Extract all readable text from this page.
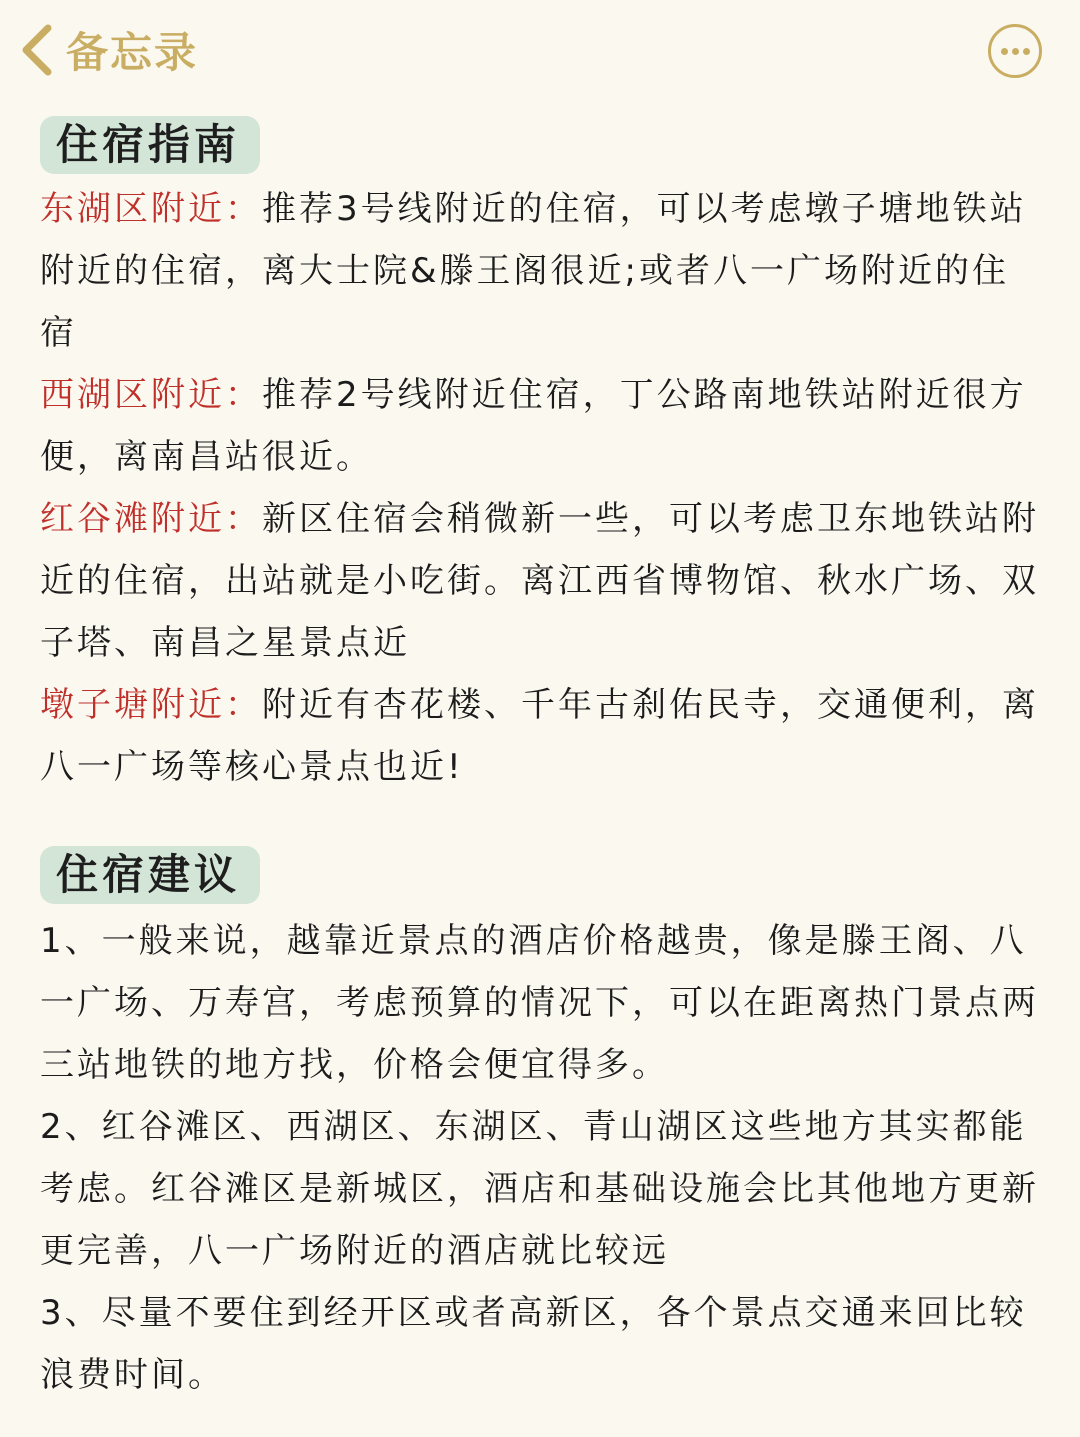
备忘录
住宿指南

东湖区附近：推荐3号线附近的住宿，可以考虑墩子塘地铁站附近的住宿，离大士院&滕王阁很近;或者八一广场附近的住宿

西湖区附近：推荐2号线附近住宿，丁公路南地铁站附近很方便，离南昌站很近。

红谷滩附近：新区住宿会稍微新一些，可以考虑卫东地铁站附近的住宿，出站就是小吃街。离江西省博物馆、秋水广场、双子塔、南昌之星景点近

墩子塘附近：附近有杏花楼、千年古刹佑民寺，交通便利，离八一广场等核心景点也近!

住宿建议

1、一般来说，越靠近景点的酒店价格越贵，像是滕王阁、八一广场、万寿宫，考虑预算的情况下，可以在距离热门景点两三站地铁的地方找，价格会便宜得多。

2、红谷滩区、西湖区、东湖区、青山湖区这些地方其实都能考虑。红谷滩区是新城区，酒店和基础设施会比其他地方更新更完善，八一广场附近的酒店就比较远

3、尽量不要住到经开区或者高新区，各个景点交通来回比较浪费时间。
